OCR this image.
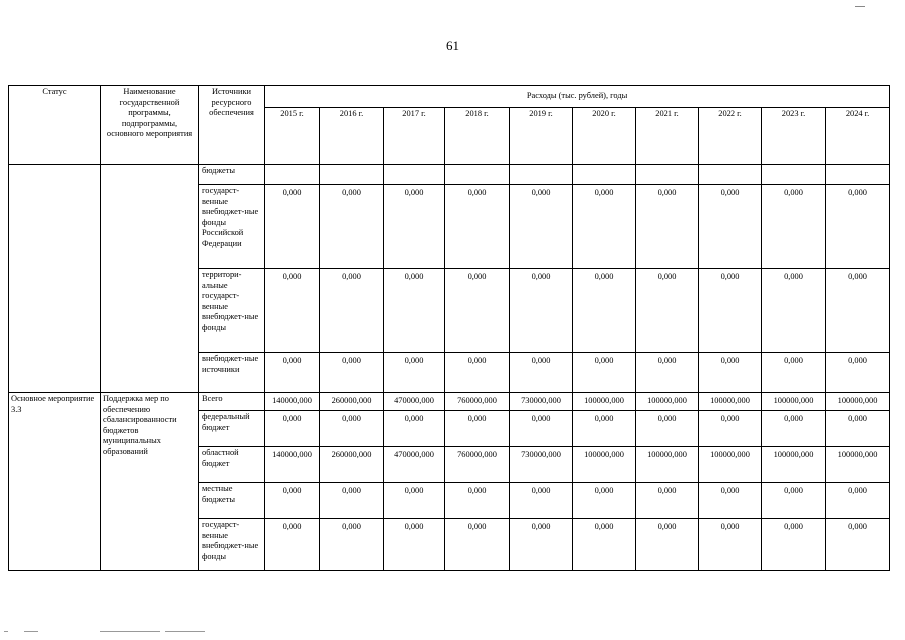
61
Статус	Наименование государственной программы, подпрограммы, основного мероприятия	Источники ресурсного обеспечения	Расходы (тыс. рублей), годы									
			2015 г.	2016 г.	2017 г.	2018 г.	2019 г.	2020 г.	2021 г.	2022 г.	2023 г.	2024 г.
		бюджеты										
		государст-венные внебюджет-ные фонды Российской Федерации	0,000	0,000	0,000	0,000	0,000	0,000	0,000	0,000	0,000	0,000
		территори-альные государст-венные внебюджет-ные фонды	0,000	0,000	0,000	0,000	0,000	0,000	0,000	0,000	0,000	0,000
		внебюджет-ные источники	0,000	0,000	0,000	0,000	0,000	0,000	0,000	0,000	0,000	0,000
Основное мероприятие 3.3	Поддержка мер по обеспечению сбалансированности бюджетов муниципальных образований	Всего	140000,000	260000,000	470000,000	760000,000	730000,000	100000,000	100000,000	100000,000	100000,000	100000,000
		федеральный бюджет	0,000	0,000	0,000	0,000	0,000	0,000	0,000	0,000	0,000	0,000
		областной бюджет	140000,000	260000,000	470000,000	760000,000	730000,000	100000,000	100000,000	100000,000	100000,000	100000,000
		местные бюджеты	0,000	0,000	0,000	0,000	0,000	0,000	0,000	0,000	0,000	0,000
		государст-венные внебюджет-ные фонды	0,000	0,000	0,000	0,000	0,000	0,000	0,000	0,000	0,000	0,000
